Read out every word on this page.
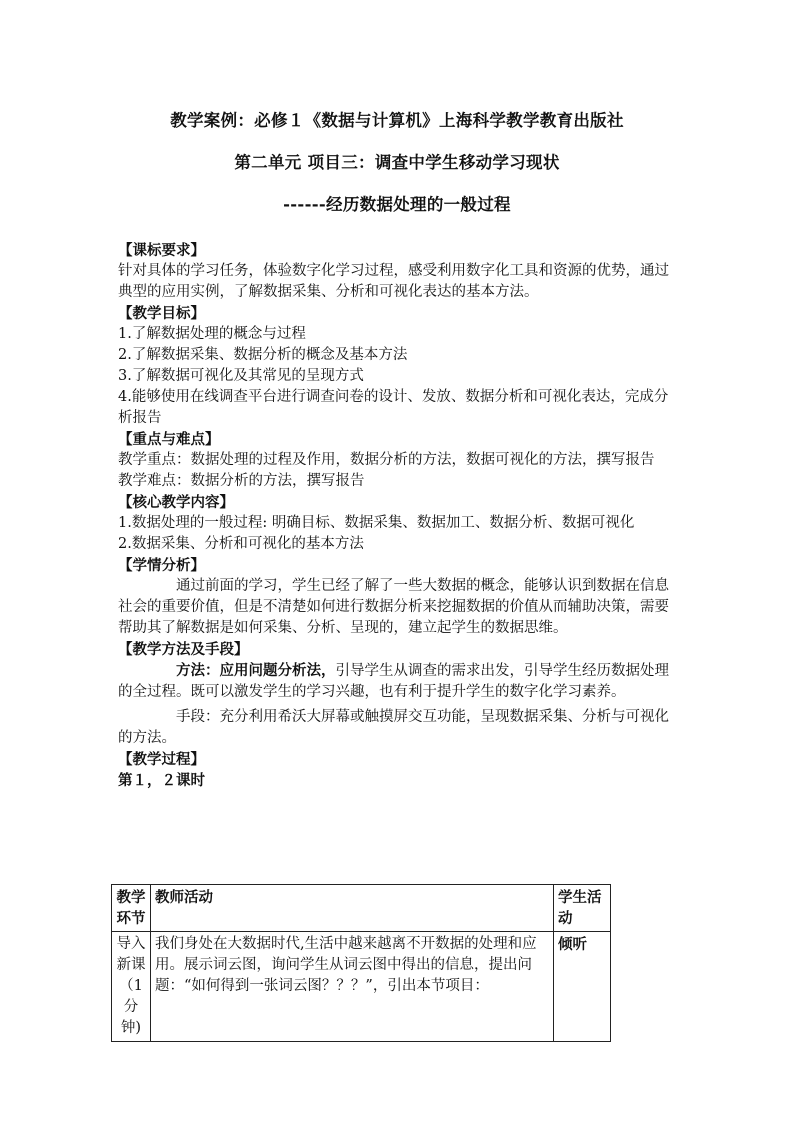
教学案例：必修１《数据与计算机》上海科学教学教育出版社
第二单元 项目三：调查中学生移动学习现状
------经历数据处理的一般过程

【课标要求】

针对具体的学习任务，体验数字化学习过程，感受利用数字化工具和资源的优势，通过典型的应用实例，了解数据采集、分析和可视化表达的基本方法。

【教学目标】

1.了解数据处理的概念与过程

2.了解数据采集、数据分析的概念及基本方法

3.了解数据可视化及其常见的呈现方式

4.能够使用在线调查平台进行调查问卷的设计、发放、数据分析和可视化表达，完成分析报告

【重点与难点】

教学重点：数据处理的过程及作用，数据分析的方法，数据可视化的方法，撰写报告

教学难点：数据分析的方法，撰写报告

【核心教学内容】

1.数据处理的一般过程: 明确目标、数据采集、数据加工、数据分析、数据可视化

2.数据采集、分析和可视化的基本方法

【学情分析】

通过前面的学习，学生已经了解了一些大数据的概念，能够认识到数据在信息社会的重要价值，但是不清楚如何进行数据分析来挖掘数据的价值从而辅助决策，需要帮助其了解数据是如何采集、分析、呈现的，建立起学生的数据思维。

【教学方法及手段】

方法：应用问题分析法，引导学生从调查的需求出发，引导学生经历数据处理的全过程。既可以激发学生的学习兴趣，也有利于提升学生的数字化学习素养。

手段：充分利用希沃大屏幕或触摸屏交互功能，呈现数据采集、分析与可视化的方法。

【教学过程】

第１，２课时

教学环节	教师活动	学生活动
导入新课（1分钟)	我们身处在大数据时代,生活中越来越离不开数据的处理和应用。展示词云图，询问学生从词云图中得出的信息，提出问题：“如何得到一张词云图？？？”，引出本节项目：	倾听
